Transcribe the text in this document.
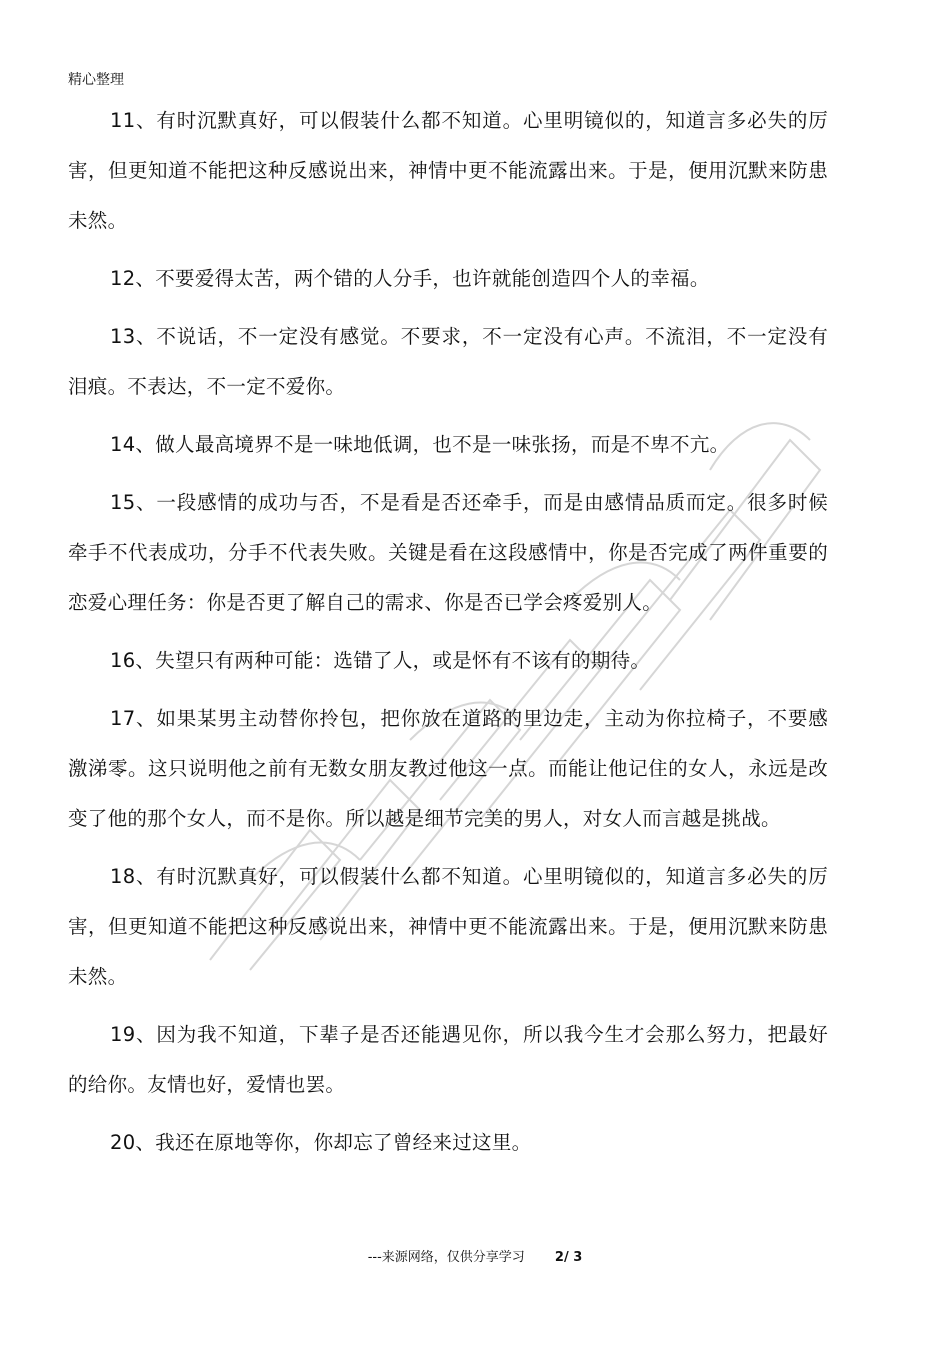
精心整理

11、有时沉默真好，可以假装什么都不知道。心里明镜似的，知道言多必失的厉害，但更知道不能把这种反感说出来，神情中更不能流露出来。于是，便用沉默来防患未然。

12、不要爱得太苦，两个错的人分手，也许就能创造四个人的幸福。

13、不说话，不一定没有感觉。不要求，不一定没有心声。不流泪，不一定没有泪痕。不表达，不一定不爱你。

14、做人最高境界不是一味地低调，也不是一味张扬，而是不卑不亢。

15、一段感情的成功与否，不是看是否还牵手，而是由感情品质而定。很多时候牵手不代表成功，分手不代表失败。关键是看在这段感情中，你是否完成了两件重要的恋爱心理任务：你是否更了解自己的需求、你是否已学会疼爱别人。

16、失望只有两种可能：选错了人，或是怀有不该有的期待。

17、如果某男主动替你拎包，把你放在道路的里边走，主动为你拉椅子，不要感激涕零。这只说明他之前有无数女朋友教过他这一点。而能让他记住的女人，永远是改变了他的那个女人，而不是你。所以越是细节完美的男人，对女人而言越是挑战。

18、有时沉默真好，可以假装什么都不知道。心里明镜似的，知道言多必失的厉害，但更知道不能把这种反感说出来，神情中更不能流露出来。于是，便用沉默来防患未然。

19、因为我不知道，下辈子是否还能遇见你，所以我今生才会那么努力，把最好的给你。友情也好，爱情也罢。

20、我还在原地等你，你却忘了曾经来过这里。

---来源网络，仅供分享学习 2/ 3
